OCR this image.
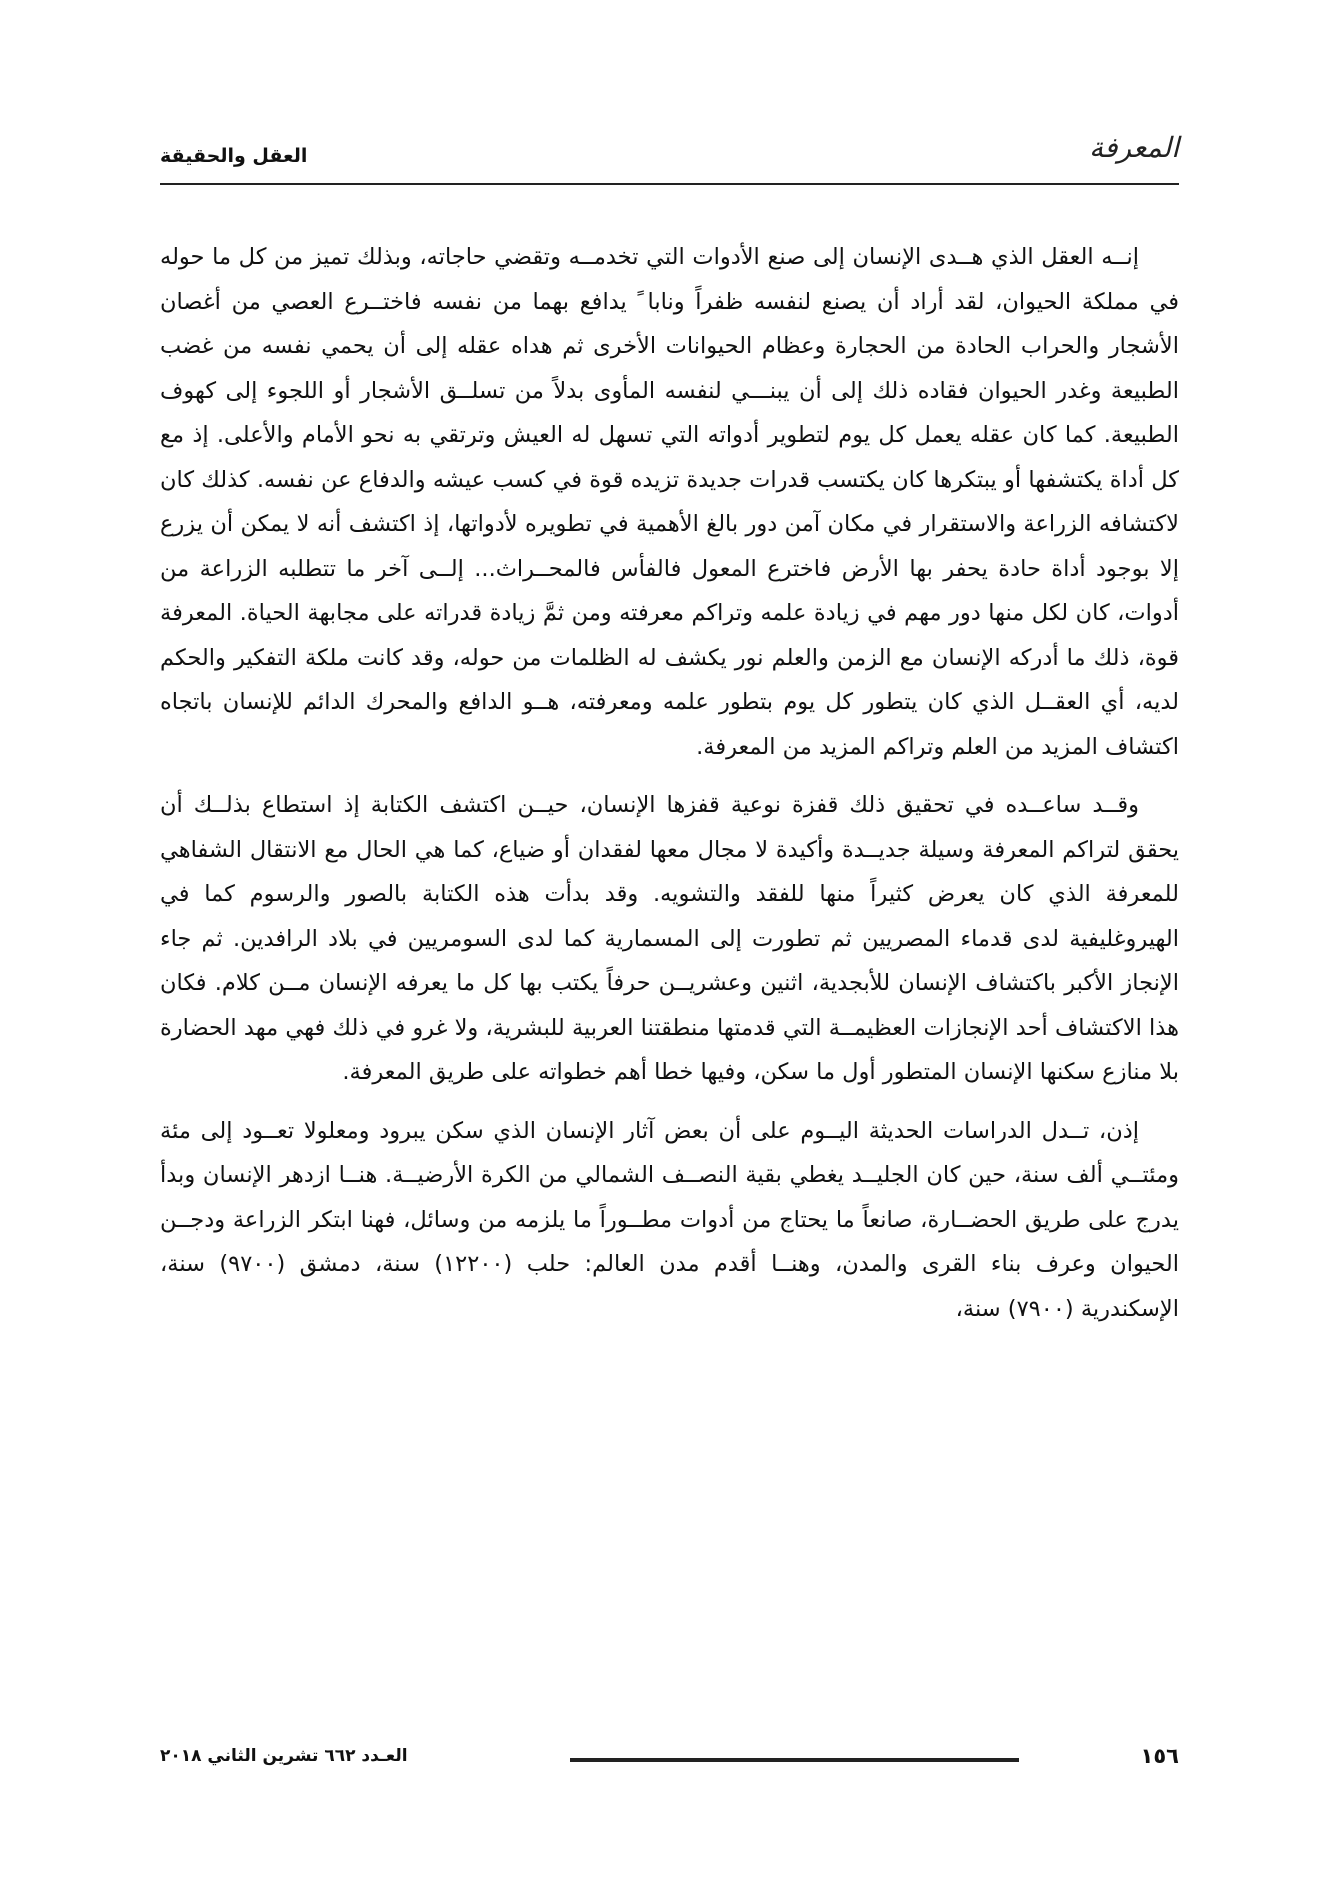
المعرفة
العقل والحقيقة

إنــه العقل الذي هــدى الإنسان إلى صنع الأدوات التي تخدمــه وتقضي حاجاته، وبذلك تميز من كل ما حوله في مملكة الحيوان، لقد أراد أن يصنع لنفسه ظفراً ونابا ً يدافع بهما من نفسه فاختــرع العصي من أغصان الأشجار والحراب الحادة من الحجارة وعظام الحيوانات الأخرى ثم هداه عقله إلى أن يحمي نفسه من غضب الطبيعة وغدر الحيوان فقاده ذلك إلى أن يبنـــي لنفسه المأوى بدلاً من تسلــق الأشجار أو اللجوء إلى كهوف الطبيعة. كما كان عقله يعمل كل يوم لتطوير أدواته التي تسهل له العيش وترتقي به نحو الأمام والأعلى. إذ مع كل أداة يكتشفها أو يبتكرها كان يكتسب قدرات جديدة تزيده قوة في كسب عيشه والدفاع عن نفسه. كذلك كان لاكتشافه الزراعة والاستقرار في مكان آمن دور بالغ الأهمية في تطويره لأدواتها، إذ اكتشف أنه لا يمكن أن يزرع إلا بوجود أداة حادة يحفر بها الأرض فاخترع المعول فالفأس فالمحــراث... إلــى آخر ما تتطلبه الزراعة من أدوات، كان لكل منها دور مهم في زيادة علمه وتراكم معرفته ومن ثمَّ زيادة قدراته على مجابهة الحياة. المعرفة قوة، ذلك ما أدركه الإنسان مع الزمن والعلم نور يكشف له الظلمات من حوله، وقد كانت ملكة التفكير والحكم لديه، أي العقــل الذي كان يتطور كل يوم بتطور علمه ومعرفته، هــو الدافع والمحرك الدائم للإنسان باتجاه اكتشاف المزيد من العلم وتراكم المزيد من المعرفة.

وقــد ساعــده في تحقيق ذلك قفزة نوعية قفزها الإنسان، حيــن اكتشف الكتابة إذ استطاع بذلــك أن يحقق لتراكم المعرفة وسيلة جديــدة وأكيدة لا مجال معها لفقدان أو ضياع، كما هي الحال مع الانتقال الشفاهي للمعرفة الذي كان يعرض كثيراً منها للفقد والتشويه. وقد بدأت هذه الكتابة بالصور والرسوم كما في الهيروغليفية لدى قدماء المصريين ثم تطورت إلى المسمارية كما لدى السومريين في بلاد الرافدين. ثم جاء الإنجاز الأكبر باكتشاف الإنسان للأبجدية، اثنين وعشريــن حرفاً يكتب بها كل ما يعرفه الإنسان مــن كلام. فكان هذا الاكتشاف أحد الإنجازات العظيمــة التي قدمتها منطقتنا العربية للبشرية، ولا غرو في ذلك فهي مهد الحضارة بلا منازع سكنها الإنسان المتطور أول ما سكن، وفيها خطا أهم خطواته على طريق المعرفة.

إذن، تــدل الدراسات الحديثة اليــوم على أن بعض آثار الإنسان الذي سكن يبرود ومعلولا تعــود إلى مئة ومئتــي ألف سنة، حين كان الجليــد يغطي بقية النصــف الشمالي من الكرة الأرضيــة. هنــا ازدهر الإنسان وبدأ يدرج على طريق الحضــارة، صانعاً ما يحتاج من أدوات مطــوراً ما يلزمه من وسائل، فهنا ابتكر الزراعة ودجــن الحيوان وعرف بناء القرى والمدن، وهنــا أقدم مدن العالم: حلب (١٢٢٠٠) سنة، دمشق (٩٧٠٠) سنة، الإسكندرية (٧٩٠٠) سنة،

١٥٦
العـدد ٦٦٢ تشرين الثاني ٢٠١٨
